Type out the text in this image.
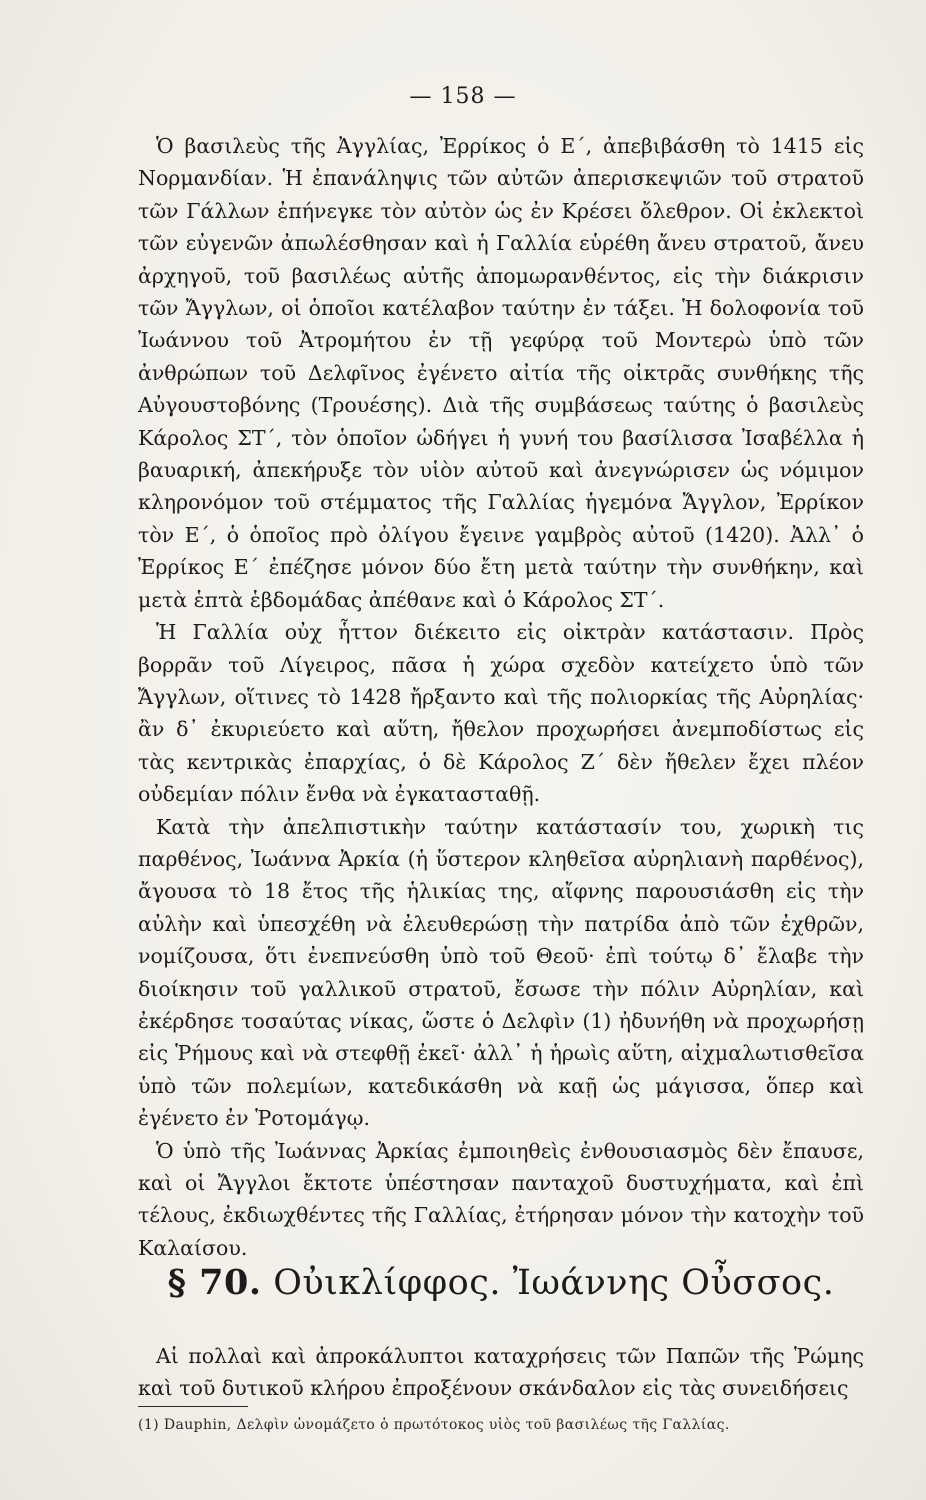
— 158 —

Ὁ βασιλεὺς τῆς Ἀγγλίας, Ἐρρίκος ὁ Ε΄, ἀπεβιβάσθη τὸ 1415 εἰς Νορμανδίαν. Ἡ ἐπανάληψις τῶν αὐτῶν ἀπερισκεψιῶν τοῦ στρατοῦ τῶν Γάλλων ἐπήνεγκε τὸν αὐτὸν ὡς ἐν Κρέσει ὄλεθρον. Οἱ ἐκλεκτοὶ τῶν εὐγενῶν ἀπωλέσθησαν καὶ ἡ Γαλλία εὑρέθη ἄνευ στρατοῦ, ἄνευ ἀρχηγοῦ, τοῦ βασιλέως αὐτῆς ἀπομωρανθέντος, εἰς τὴν διάκρισιν τῶν Ἄγγλων, οἱ ὁποῖοι κατέλαβον ταύτην ἐν τάξει. Ἡ δολοφονία τοῦ Ἰωάννου τοῦ Ἀτρομήτου ἐν τῇ γεφύρᾳ τοῦ Μοντερὼ ὑπὸ τῶν ἀνθρώπων τοῦ Δελφῖνος ἐγένετο αἰτία τῆς οἰκτρᾶς συνθήκης τῆς Αὐγουστοβόνης (Τρουέσης). Διὰ τῆς συμβάσεως ταύτης ὁ βασιλεὺς Κάρολος ΣΤ΄, τὸν ὁποῖον ὡδήγει ἡ γυνή του βασίλισσα Ἰσαβέλλα ἡ βαυαρική, ἀπεκήρυξε τὸν υἱὸν αὐτοῦ καὶ ἀνεγνώρισεν ὡς νόμιμον κληρονόμον τοῦ στέμματος τῆς Γαλλίας ἡγεμόνα Ἄγγλον, Ἐρρίκον τὸν Ε΄, ὁ ὁποῖος πρὸ ὀλίγου ἔγεινε γαμβρὸς αὐτοῦ (1420). Ἀλλ᾽ ὁ Ἐρρίκος Ε΄ ἐπέζησε μόνον δύο ἔτη μετὰ ταύτην τὴν συνθήκην, καὶ μετὰ ἑπτὰ ἑβδομάδας ἀπέθανε καὶ ὁ Κάρολος ΣΤ΄.

Ἡ Γαλλία οὐχ ἧττον διέκειτο εἰς οἰκτρὰν κατάστασιν. Πρὸς βορρᾶν τοῦ Λίγειρος, πᾶσα ἡ χώρα σχεδὸν κατείχετο ὑπὸ τῶν Ἄγγλων, οἵτινες τὸ 1428 ἤρξαντο καὶ τῆς πολιορκίας τῆς Αὐρηλίας· ἂν δ᾽ ἐκυριεύετο καὶ αὕτη, ἤθελον προχωρήσει ἀνεμποδίστως εἰς τὰς κεντρικὰς ἐπαρχίας, ὁ δὲ Κάρολος Ζ΄ δὲν ἤθελεν ἔχει πλέον οὐδεμίαν πόλιν ἔνθα νὰ ἐγκατασταθῇ.

Κατὰ τὴν ἀπελπιστικὴν ταύτην κατάστασίν του, χωρικὴ τις παρθένος, Ἰωάννα Ἀρκία (ἡ ὕστερον κληθεῖσα αὐρηλιανὴ παρθένος), ἄγουσα τὸ 18 ἔτος τῆς ἡλικίας της, αἴφνης παρουσιάσθη εἰς τὴν αὐλὴν καὶ ὑπεσχέθη νὰ ἐλευθερώσῃ τὴν πατρίδα ἀπὸ τῶν ἐχθρῶν, νομίζουσα, ὅτι ἐνεπνεύσθη ὑπὸ τοῦ Θεοῦ· ἐπὶ τούτῳ δ᾽ ἔλαβε τὴν διοίκησιν τοῦ γαλλικοῦ στρατοῦ, ἔσωσε τὴν πόλιν Αὐρηλίαν, καὶ ἐκέρδησε τοσαύτας νίκας, ὥστε ὁ Δελφὶν (1) ἠδυνήθη νὰ προχωρήσῃ εἰς Ῥήμους καὶ νὰ στεφθῇ ἐκεῖ· ἀλλ᾽ ἡ ἡρωὶς αὕτη, αἰχμαλωτισθεῖσα ὑπὸ τῶν πολεμίων, κατεδικάσθη νὰ καῇ ὡς μάγισσα, ὅπερ καὶ ἐγένετο ἐν Ῥοτομάγῳ.

Ὁ ὑπὸ τῆς Ἰωάννας Ἀρκίας ἐμποιηθεὶς ἐνθουσιασμὸς δὲν ἔπαυσε, καὶ οἱ Ἄγγλοι ἔκτοτε ὑπέστησαν πανταχοῦ δυστυχήματα, καὶ ἐπὶ τέλους, ἐκδιωχθέντες τῆς Γαλλίας, ἐτήρησαν μόνον τὴν κατοχὴν τοῦ Καλαίσου.

§ 70. Οὐικλίφφος. Ἰωάννης Οὖσσος.

Αἱ πολλαὶ καὶ ἀπροκάλυπτοι καταχρήσεις τῶν Παπῶν τῆς Ῥώμης καὶ τοῦ δυτικοῦ κλήρου ἐπροξένουν σκάνδαλον εἰς τὰς συνειδήσεις

(1) Dauphin, Δελφὶν ὠνομάζετο ὁ πρωτότοκος υἱὸς τοῦ βασιλέως τῆς Γαλλίας.
